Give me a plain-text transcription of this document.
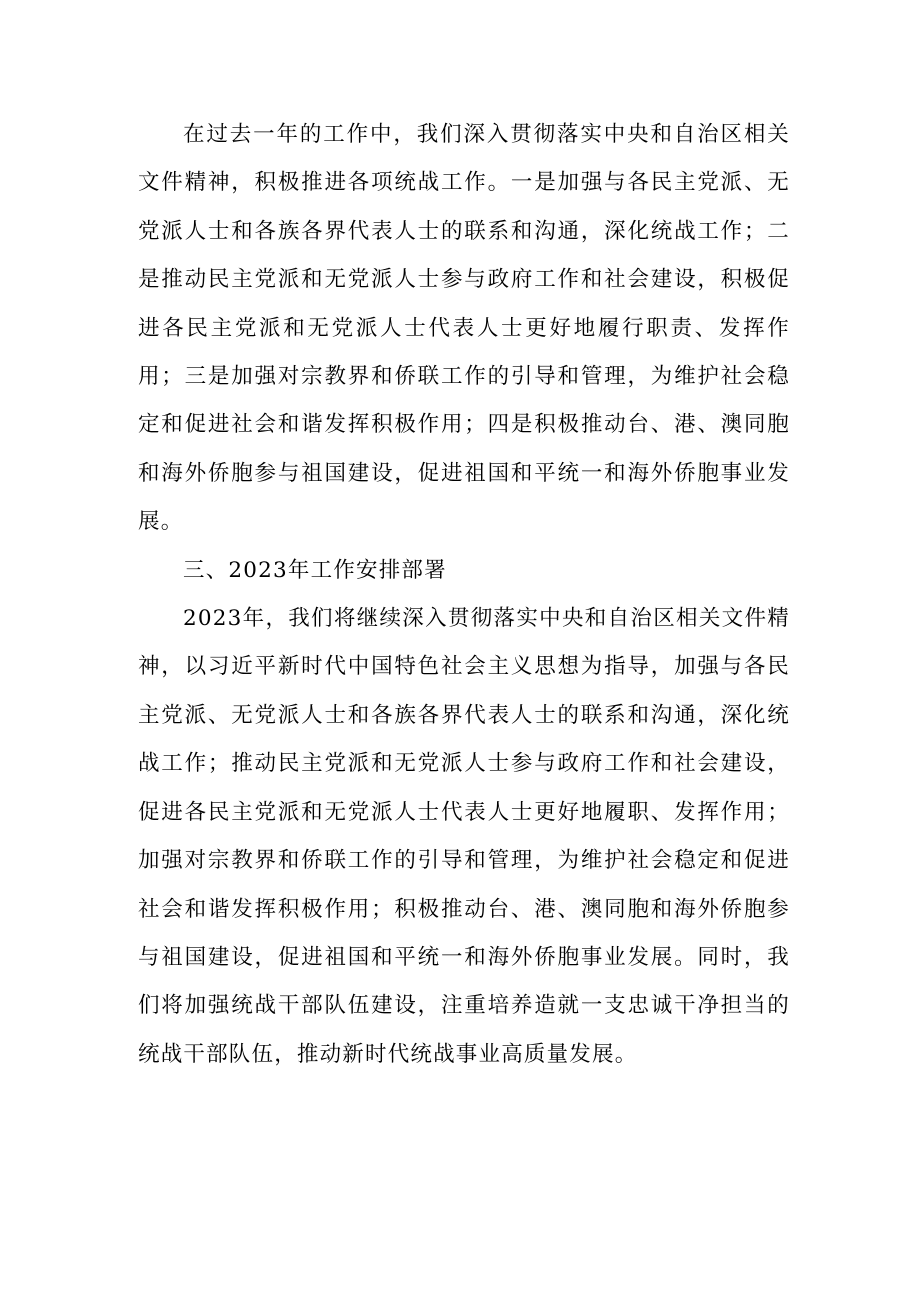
在过去一年的工作中，我们深入贯彻落实中央和自治区相关文件精神，积极推进各项统战工作。一是加强与各民主党派、无党派人士和各族各界代表人士的联系和沟通，深化统战工作；二是推动民主党派和无党派人士参与政府工作和社会建设，积极促进各民主党派和无党派人士代表人士更好地履行职责、发挥作用；三是加强对宗教界和侨联工作的引导和管理，为维护社会稳定和促进社会和谐发挥积极作用；四是积极推动台、港、澳同胞和海外侨胞参与祖国建设，促进祖国和平统一和海外侨胞事业发展。

三、2023年工作安排部署

2023年，我们将继续深入贯彻落实中央和自治区相关文件精神，以习近平新时代中国特色社会主义思想为指导，加强与各民主党派、无党派人士和各族各界代表人士的联系和沟通，深化统战工作；推动民主党派和无党派人士参与政府工作和社会建设，促进各民主党派和无党派人士代表人士更好地履职、发挥作用；加强对宗教界和侨联工作的引导和管理，为维护社会稳定和促进社会和谐发挥积极作用；积极推动台、港、澳同胞和海外侨胞参与祖国建设，促进祖国和平统一和海外侨胞事业发展。同时，我们将加强统战干部队伍建设，注重培养造就一支忠诚干净担当的统战干部队伍，推动新时代统战事业高质量发展。
